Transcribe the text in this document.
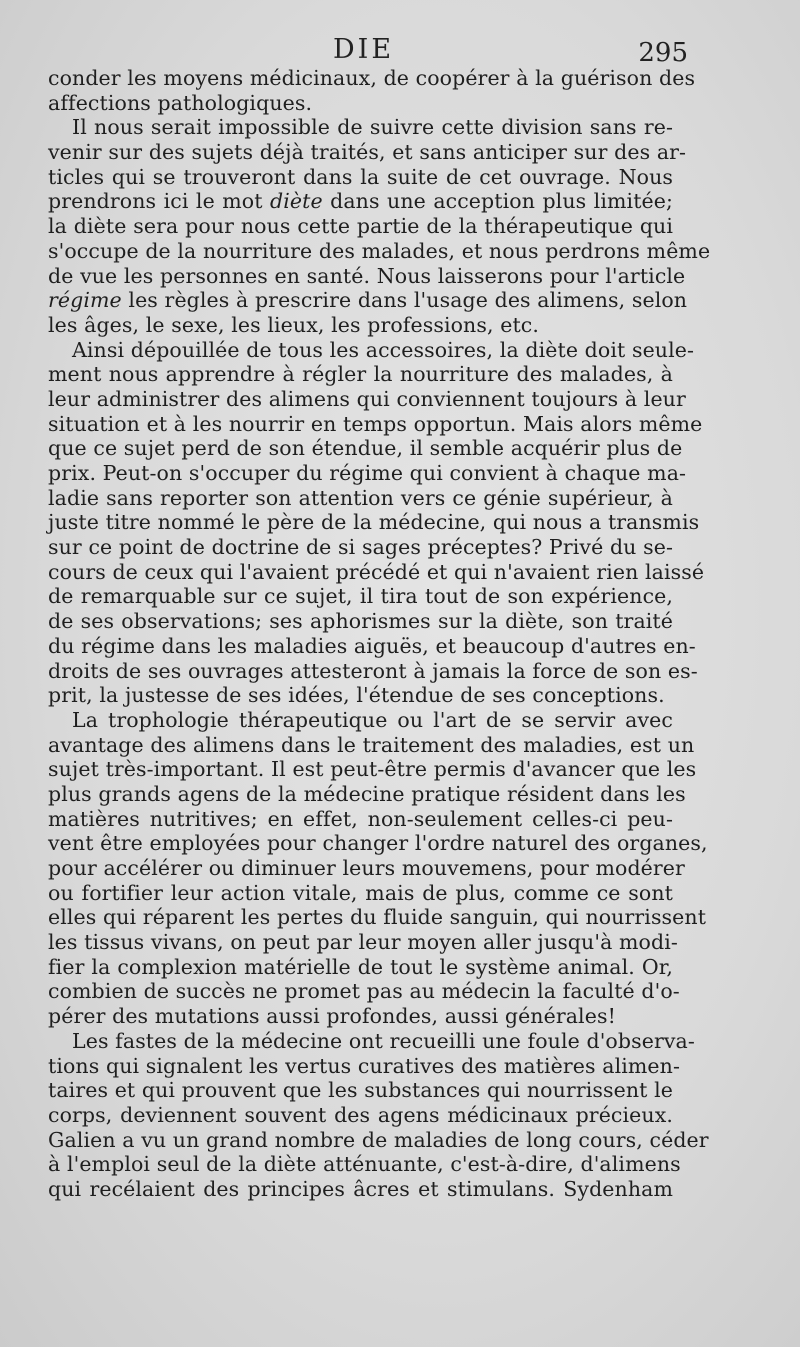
DIE	295
conder les moyens médicinaux, de coopérer à la guérison des
affections pathologiques.
Il nous serait impossible de suivre cette division sans re-
venir sur des sujets déjà traités, et sans anticiper sur des ar-
ticles qui se trouveront dans la suite de cet ouvrage. Nous
prendrons ici le mot diète dans une acception plus limitée;
la diète sera pour nous cette partie de la thérapeutique qui
s'occupe de la nourriture des malades, et nous perdrons même
de vue les personnes en santé. Nous laisserons pour l'article
régime les règles à prescrire dans l'usage des alimens, selon
les âges, le sexe, les lieux, les professions, etc.
Ainsi dépouillée de tous les accessoires, la diète doit seule-
ment nous apprendre à régler la nourriture des malades, à
leur administrer des alimens qui conviennent toujours à leur
situation et à les nourrir en temps opportun. Mais alors même
que ce sujet perd de son étendue, il semble acquérir plus de
prix. Peut-on s'occuper du régime qui convient à chaque ma-
ladie sans reporter son attention vers ce génie supérieur, à
juste titre nommé le père de la médecine, qui nous a transmis
sur ce point de doctrine de si sages préceptes? Privé du se-
cours de ceux qui l'avaient précédé et qui n'avaient rien laissé
de remarquable sur ce sujet, il tira tout de son expérience,
de ses observations; ses aphorismes sur la diète, son traité
du régime dans les maladies aiguës, et beaucoup d'autres en-
droits de ses ouvrages attesteront à jamais la force de son es-
prit, la justesse de ses idées, l'étendue de ses conceptions.
La trophologie thérapeutique ou l'art de se servir avec
avantage des alimens dans le traitement des maladies, est un
sujet très-important. Il est peut-être permis d'avancer que les
plus grands agens de la médecine pratique résident dans les
matières nutritives; en effet, non-seulement celles-ci peu-
vent être employées pour changer l'ordre naturel des organes,
pour accélérer ou diminuer leurs mouvemens, pour modérer
ou fortifier leur action vitale, mais de plus, comme ce sont
elles qui réparent les pertes du fluide sanguin, qui nourrissent
les tissus vivans, on peut par leur moyen aller jusqu'à modi-
fier la complexion matérielle de tout le système animal. Or,
combien de succès ne promet pas au médecin la faculté d'o-
pérer des mutations aussi profondes, aussi générales!
Les fastes de la médecine ont recueilli une foule d'observa-
tions qui signalent les vertus curatives des matières alimen-
taires et qui prouvent que les substances qui nourrissent le
corps, deviennent souvent des agens médicinaux précieux.
Galien a vu un grand nombre de maladies de long cours, céder
à l'emploi seul de la diète atténuante, c'est-à-dire, d'alimens
qui recélaient des principes âcres et stimulans. Sydenham
